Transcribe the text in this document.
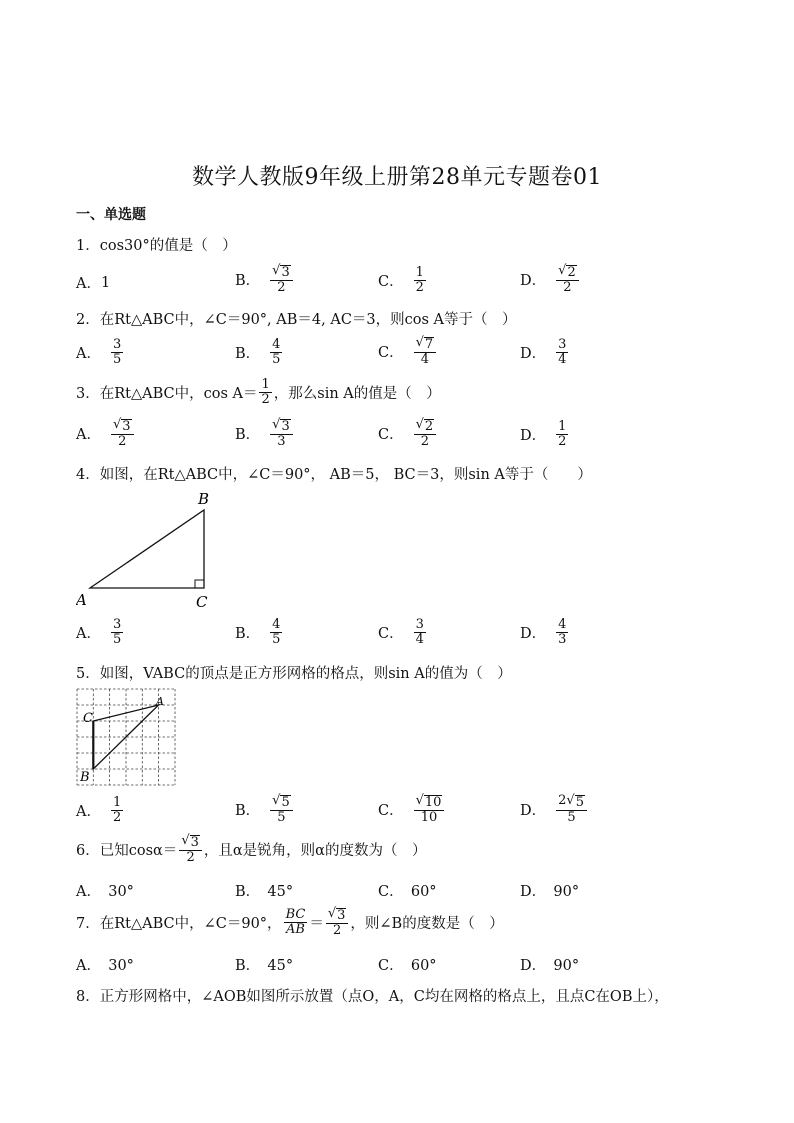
数学人教版9年级上册第28单元专题卷01
一、单选题
1．cos30°的值是（　）
A． 1	B． $\frac{√ 3}{2}$	C． $\frac{1}{2}$	D． $\frac{√ 2}{2}$
2．在Rt△ABC中，∠C＝90°, AB＝4, AC＝3，则cos A等于（　）
A． $\frac{3}{5}$	B． $\frac{4}{5}$	C． $\frac{√ 7}{4}$	D． $\frac{3}{4}$
3．在Rt△ABC中，$\cos A= \frac{1}{2}$ ，那么sin A的值是（　）
A． $\frac{√ 3}{2}$	B． $\frac{√ 3}{3}$	C． $\frac{√ 2}{2}$	D． $\frac{1}{2}$
4．如图，在Rt△ABC中，∠C＝90°， AB＝5， BC＝3，则sin A等于（　　）
A
B
C
A． $\frac{3}{5}$	B． $\frac{4}{5}$	C． $\frac{3}{4}$	D． $\frac{4}{3}$
5．如图，VABC的顶点是正方形网格的格点，则sin A的值为（　）
A
C
B
A． $\frac{1}{2}$	B． $\frac{√ 5}{5}$	C． $\frac{√ 10}{10}$	D． $\frac{2 √ 5}{5}$
6．已知$\cos\alpha= \frac{√ 3}{2}$ ，且α是锐角，则α的度数为（　）
A．　30°	B．　45°	C．　60°	D．　90°
7．在Rt△ABC中，∠C＝90°， $\frac{BC}{AB} = \frac{√ 3}{2}$ ，则∠B的度数是（　）
A．　30°	B．　45°	C．　60°	D．　90°
8．正方形网格中，∠AOB如图所示放置（点O，A，C均在网格的格点上，且点C在OB上），
